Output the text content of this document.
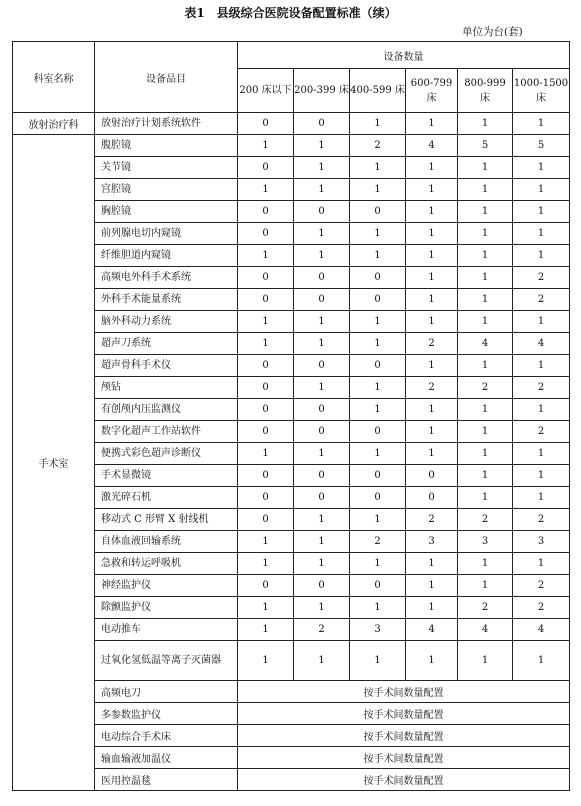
表1　县级综合医院设备配置标准（续）
单位为台(套)
科室名称	设备品目	设备数量					
		200 床以下	200-399 床	400-599 床	600-799 床	800-999 床	1000-1500 床
放射治疗科	放射治疗计划系统软件	0	0	1	1	1	1
手术室	腹腔镜	1	1	2	4	5	5
	关节镜	0	1	1	1	1	1
	宫腔镜	1	1	1	1	1	1
	胸腔镜	0	0	0	1	1	1
	前列腺电切内窥镜	0	1	1	1	1	1
	纤维胆道内窥镜	1	1	1	1	1	1
	高频电外科手术系统	0	0	0	1	1	2
	外科手术能量系统	0	0	0	1	1	2
	脑外科动力系统	1	1	1	1	1	1
	超声刀系统	1	1	1	2	4	4
	超声骨科手术仪	0	0	0	1	1	1
	颅钻	0	1	1	2	2	2
	有创颅内压监测仪	0	0	1	1	1	1
	数字化超声工作站软件	0	0	0	1	1	2
	便携式彩色超声诊断仪	1	1	1	1	1	1
	手术显微镜	0	0	0	0	1	1
	激光碎石机	0	0	0	0	1	1
	移动式 C 形臂 X 射线机	0	1	1	2	2	2
	自体血液回输系统	1	1	2	3	3	3
	急救和转运呼吸机	1	1	1	1	1	1
	神经监护仪	0	0	0	1	1	2
	除颤监护仪	1	1	1	1	2	2
	电动推车	1	2	3	4	4	4
	过氧化氢低温等离子灭菌器	1	1	1	1	1	1
	高频电刀	按手术间数量配置					
	多参数监护仪	按手术间数量配置					
	电动综合手术床	按手术间数量配置					
	输血输液加温仪	按手术间数量配置					
	医用控温毯	按手术间数量配置					
